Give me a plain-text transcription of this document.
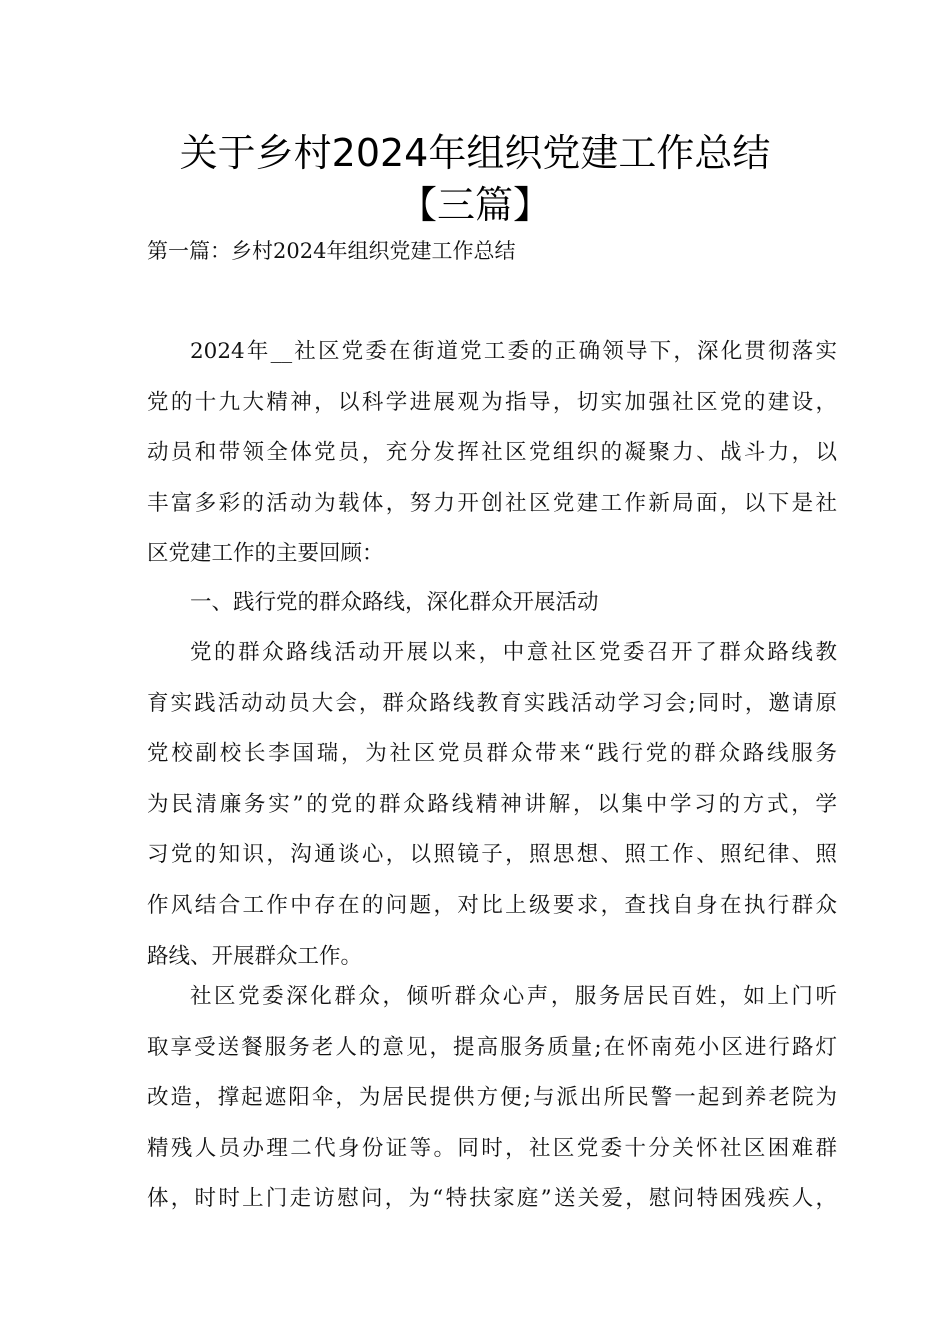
关于乡村2024年组织党建工作总结
【三篇】

第一篇：乡村2024年组织党建工作总结

2024年__社区党委在街道党工委的正确领导下，深化贯彻落实
党的十九大精神，以科学进展观为指导，切实加强社区党的建设，
动员和带领全体党员，充分发挥社区党组织的凝聚力、战斗力，以
丰富多彩的活动为载体，努力开创社区党建工作新局面，以下是社
区党建工作的主要回顾：
一、践行党的群众路线，深化群众开展活动
党的群众路线活动开展以来，中意社区党委召开了群众路线教
育实践活动动员大会，群众路线教育实践活动学习会;同时，邀请原
党校副校长李国瑞，为社区党员群众带来“践行党的群众路线服务
为民清廉务实”的党的群众路线精神讲解，以集中学习的方式，学
习党的知识，沟通谈心，以照镜子，照思想、照工作、照纪律、照
作风结合工作中存在的问题，对比上级要求，查找自身在执行群众
路线、开展群众工作。
社区党委深化群众，倾听群众心声，服务居民百姓，如上门听
取享受送餐服务老人的意见，提高服务质量;在怀南苑小区进行路灯
改造，撑起遮阳伞，为居民提供方便;与派出所民警一起到养老院为
精残人员办理二代身份证等。同时，社区党委十分关怀社区困难群
体，时时上门走访慰问，为“特扶家庭”送关爱，慰问特困残疾人，
